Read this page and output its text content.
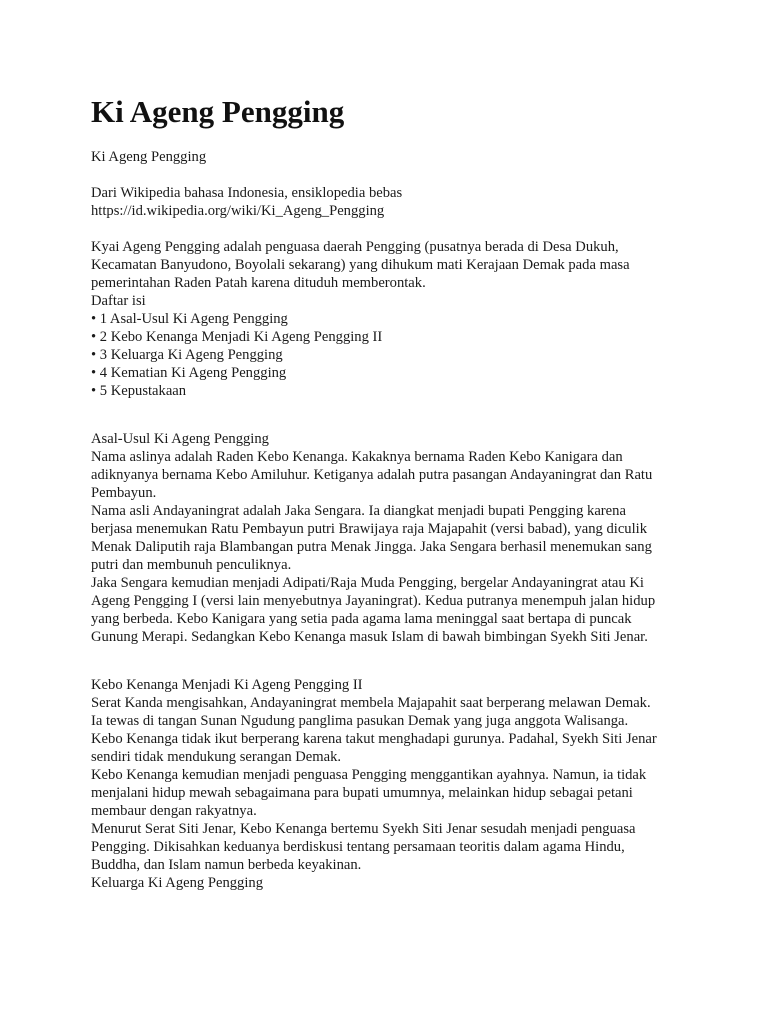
Ki Ageng Pengging
Ki Ageng Pengging
Dari Wikipedia bahasa Indonesia, ensiklopedia bebas
https://id.wikipedia.org/wiki/Ki_Ageng_Pengging
Kyai Ageng Pengging adalah penguasa daerah Pengging (pusatnya berada di Desa Dukuh,
Kecamatan Banyudono, Boyolali sekarang) yang dihukum mati Kerajaan Demak pada masa
pemerintahan Raden Patah karena dituduh memberontak.
Daftar isi
• 1 Asal-Usul Ki Ageng Pengging
• 2 Kebo Kenanga Menjadi Ki Ageng Pengging II
• 3 Keluarga Ki Ageng Pengging
• 4 Kematian Ki Ageng Pengging
• 5 Kepustakaan
Asal-Usul Ki Ageng Pengging
Nama aslinya adalah Raden Kebo Kenanga. Kakaknya bernama Raden Kebo Kanigara dan
adiknyanya bernama Kebo Amiluhur. Ketiganya adalah putra pasangan Andayaningrat dan Ratu
Pembayun.
Nama asli Andayaningrat adalah Jaka Sengara. Ia diangkat menjadi bupati Pengging karena
berjasa menemukan Ratu Pembayun putri Brawijaya raja Majapahit (versi babad), yang diculik
Menak Daliputih raja Blambangan putra Menak Jingga. Jaka Sengara berhasil menemukan sang
putri dan membunuh penculiknya.
Jaka Sengara kemudian menjadi Adipati/Raja Muda Pengging, bergelar Andayaningrat atau Ki
Ageng Pengging I (versi lain menyebutnya Jayaningrat). Kedua putranya menempuh jalan hidup
yang berbeda. Kebo Kanigara yang setia pada agama lama meninggal saat bertapa di puncak
Gunung Merapi. Sedangkan Kebo Kenanga masuk Islam di bawah bimbingan Syekh Siti Jenar.
Kebo Kenanga Menjadi Ki Ageng Pengging II
Serat Kanda mengisahkan, Andayaningrat membela Majapahit saat berperang melawan Demak.
Ia tewas di tangan Sunan Ngudung panglima pasukan Demak yang juga anggota Walisanga.
Kebo Kenanga tidak ikut berperang karena takut menghadapi gurunya. Padahal, Syekh Siti Jenar
sendiri tidak mendukung serangan Demak.
Kebo Kenanga kemudian menjadi penguasa Pengging menggantikan ayahnya. Namun, ia tidak
menjalani hidup mewah sebagaimana para bupati umumnya, melainkan hidup sebagai petani
membaur dengan rakyatnya.
Menurut Serat Siti Jenar, Kebo Kenanga bertemu Syekh Siti Jenar sesudah menjadi penguasa
Pengging. Dikisahkan keduanya berdiskusi tentang persamaan teoritis dalam agama Hindu,
Buddha, dan Islam namun berbeda keyakinan.
Keluarga Ki Ageng Pengging
